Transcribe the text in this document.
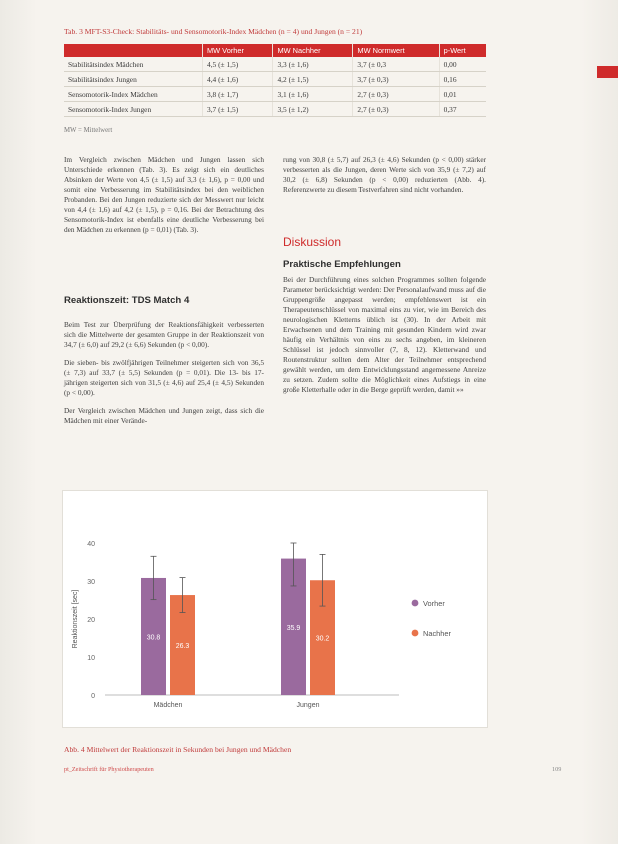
Tab. 3 MFT-S3-Check: Stabilitäts- und Sensomotorik-Index Mädchen (n = 4) und Jungen (n = 21)
	MW Vorher	MW Nachher	MW Normwert	p-Wert
Stabilitätsindex Mädchen	4,5 (± 1,5)	3,3 (± 1,6)	3,7 (± 0,3	0,00
Stabilitätsindex Jungen	4,4 (± 1,6)	4,2 (± 1,5)	3,7 (± 0,3)	0,16
Sensomotorik-Index Mädchen	3,8 (± 1,7)	3,1 (± 1,6)	2,7 (± 0,3)	0,01
Sensomotorik-Index Jungen	3,7 (± 1,5)	3,5 (± 1,2)	2,7 (± 0,3)	0,37
MW = Mittelwert

Im Vergleich zwischen Mädchen und Jungen lassen sich Unterschiede erkennen (Tab. 3). Es zeigt sich ein deutliches Absinken der Werte von 4,5 (± 1,5) auf 3,3 (± 1,6), p = 0,00 und somit eine Verbesserung im Stabilitätsindex bei den weiblichen Probanden. Bei den Jungen reduzierte sich der Messwert nur leicht von 4,4 (± 1,6) auf 4,2 (± 1,5), p = 0,16. Bei der Betrachtung des Sensomotorik-Index ist ebenfalls eine deutliche Verbesserung bei den Mädchen zu erkennen (p = 0,01) (Tab. 3).

Reaktionszeit: TDS Match 4

Beim Test zur Überprüfung der Reaktionsfähigkeit verbesserten sich die Mittelwerte der gesamten Gruppe in der Reaktionszeit von 34,7 (± 6,0) auf 29,2 (± 6,6) Sekunden (p < 0,00).

Die sieben- bis zwölfjährigen Teilnehmer steigerten sich von 36,5 (± 7,3) auf 33,7 (± 5,5) Sekunden (p = 0,01). Die 13- bis 17-jährigen steigerten sich von 31,5 (± 4,6) auf 25,4 (± 4,5) Sekunden (p < 0,00).

Der Vergleich zwischen Mädchen und Jungen zeigt, dass sich die Mädchen mit einer Verände-

rung von 30,8 (± 5,7) auf 26,3 (± 4,6) Sekunden (p < 0,00) stärker verbesserten als die Jungen, deren Werte sich von 35,9 (± 7,2) auf 30,2 (± 6,8) Sekunden (p < 0,00) reduzierten (Abb. 4). Referenzwerte zu diesem Testverfahren sind nicht vorhanden.

Diskussion
Praktische Empfehlungen

Bei der Durchführung eines solchen Programmes sollten folgende Parameter berücksichtigt werden: Der Personalaufwand muss auf die Gruppengröße angepasst werden; empfehlenswert ist ein Therapeutenschlüssel von maximal eins zu vier, wie im Bereich des neurologischen Kletterns üblich ist (30). In der Arbeit mit Erwachsenen und dem Training mit gesunden Kindern wird zwar häufig ein Verhältnis von eins zu sechs angeben, im kleineren Schlüssel ist jedoch sinnvoller (7, 8, 12). Kletterwand und Routenstruktur sollten dem Alter der Teilnehmer entsprechend gewählt werden, um dem Entwicklungsstand angemessene Anreize zu setzen. Zudem sollte die Möglichkeit eines Aufstiegs in eine große Kletterhalle oder in die Berge geprüft werden, damit »»

0
10
20
30
40
Reaktionszeit [sec]	30.8
26.3
Mädchen
35.9
30.2
Jungen
Vorher
Nachher
Abb. 4 Mittelwert der Reaktionszeit in Sekunden bei Jungen und Mädchen
pt_Zeitschrift für Physiotherapeuten	109
